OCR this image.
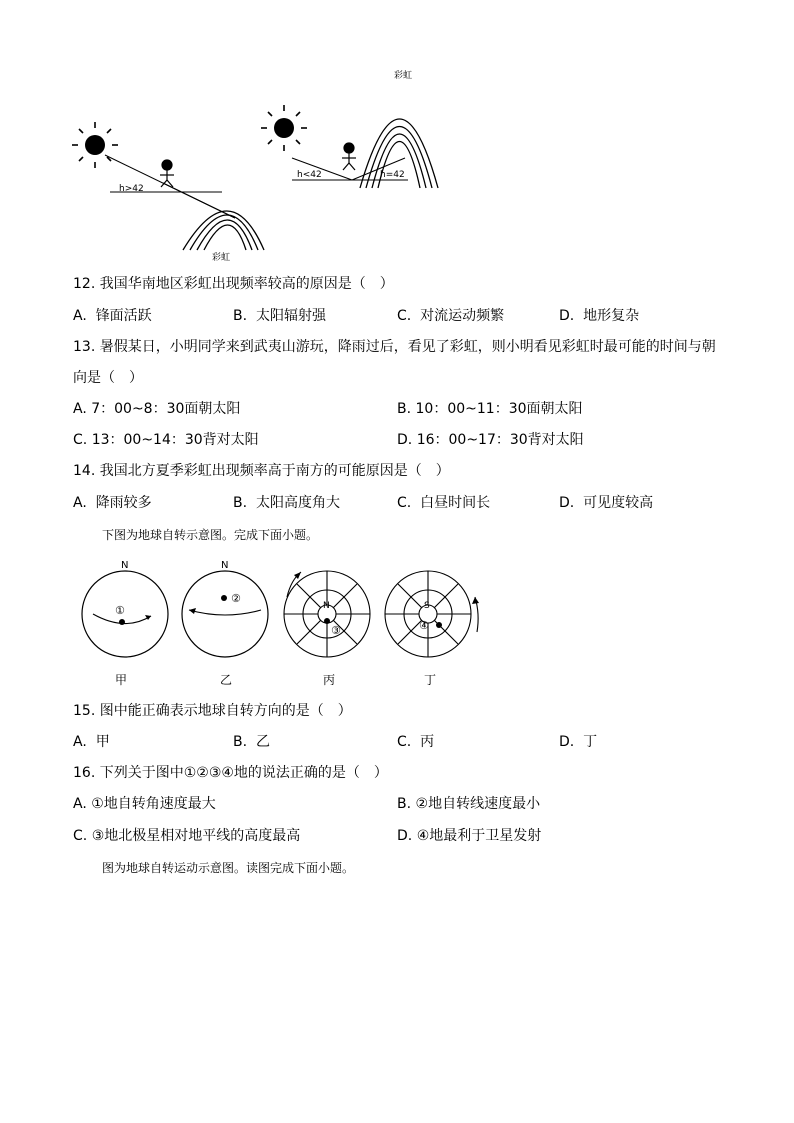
h>42
彩虹
彩虹
h<42	h=42
12. 我国华南地区彩虹出现频率较高的原因是（　）
A. 锋面活跃	B. 太阳辐射强	C. 对流运动频繁	D. 地形复杂
13. 暑假某日，小明同学来到武夷山游玩，降雨过后，看见了彩虹，则小明看见彩虹时最可能的时间与朝
向是（　）
A. 7：00~8：30面朝太阳	B. 10：00~11：30面朝太阳
C. 13：00~14：30背对太阳	D. 16：00~17：30背对太阳
14. 我国北方夏季彩虹出现频率高于南方的可能原因是（　）
A. 降雨较多	B. 太阳高度角大	C. 白昼时间长	D. 可见度较高
下图为地球自转示意图。完成下面小题。
N
①
N
②
N
③
S
④
甲	乙	丙	丁
15. 图中能正确表示地球自转方向的是（　）
A. 甲	B. 乙	C. 丙	D. 丁
16. 下列关于图中①②③④地的说法正确的是（　）
A. ①地自转角速度最大	B. ②地自转线速度最小
C. ③地北极星相对地平线的高度最高	D. ④地最利于卫星发射
图为地球自转运动示意图。读图完成下面小题。
